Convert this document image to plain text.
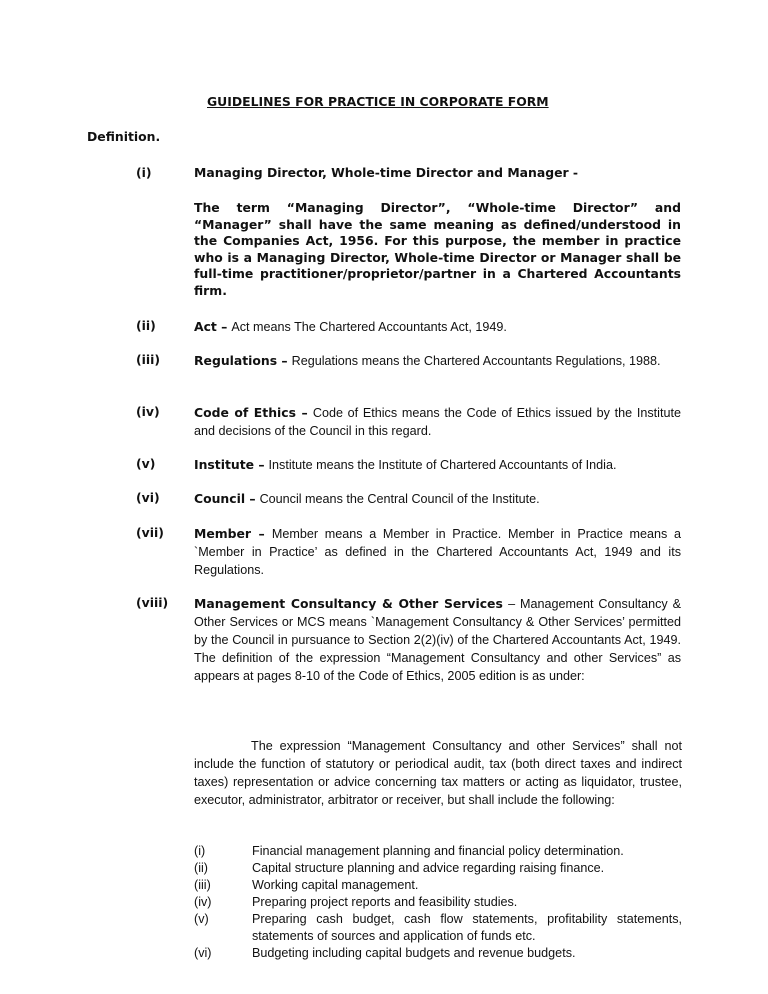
GUIDELINES FOR PRACTICE IN CORPORATE FORM
Definition.
(i)	Managing Director, Whole-time Director and Manager -
The term “Managing Director”, “Whole-time Director” and “Manager” shall have the same meaning as defined/understood in the Companies Act, 1956. For this purpose, the member in practice who is a Managing Director, Whole-time Director or Manager shall be full-time practitioner/proprietor/partner in a Chartered Accountants firm.
(ii)	Act – Act means The Chartered Accountants Act, 1949.
(iii)	Regulations – Regulations means the Chartered Accountants Regulations, 1988.
(iv)	Code of Ethics – Code of Ethics means the Code of Ethics issued by the Institute and decisions of the Council in this regard.
(v)	Institute – Institute means the Institute of Chartered Accountants of India.
(vi)	Council – Council means the Central Council of the Institute.
(vii) Member – Member means a Member in Practice. Member in Practice means a `Member in Practice’ as defined in the Chartered Accountants Act, 1949 and its Regulations.
(viii) Management Consultancy & Other Services – Management Consultancy & Other Services or MCS means `Management Consultancy & Other Services’ permitted by the Council in pursuance to Section 2(2)(iv) of the Chartered Accountants Act, 1949. The definition of the expression “Management Consultancy and other Services” as appears at pages 8-10 of the Code of Ethics, 2005 edition is as under:
The expression “Management Consultancy and other Services” shall not include the function of statutory or periodical audit, tax (both direct taxes and indirect taxes) representation or advice concerning tax matters or acting as liquidator, trustee, executor, administrator, arbitrator or receiver, but shall include the following:
(i)	Financial management planning and financial policy determination.
(ii)	Capital structure planning and advice regarding raising finance.
(iii)	Working capital management.
(iv)	Preparing project reports and feasibility studies.
(v)	Preparing cash budget, cash flow statements, profitability statements, statements of sources and application of funds etc.
(vi)	Budgeting including capital budgets and revenue budgets.
